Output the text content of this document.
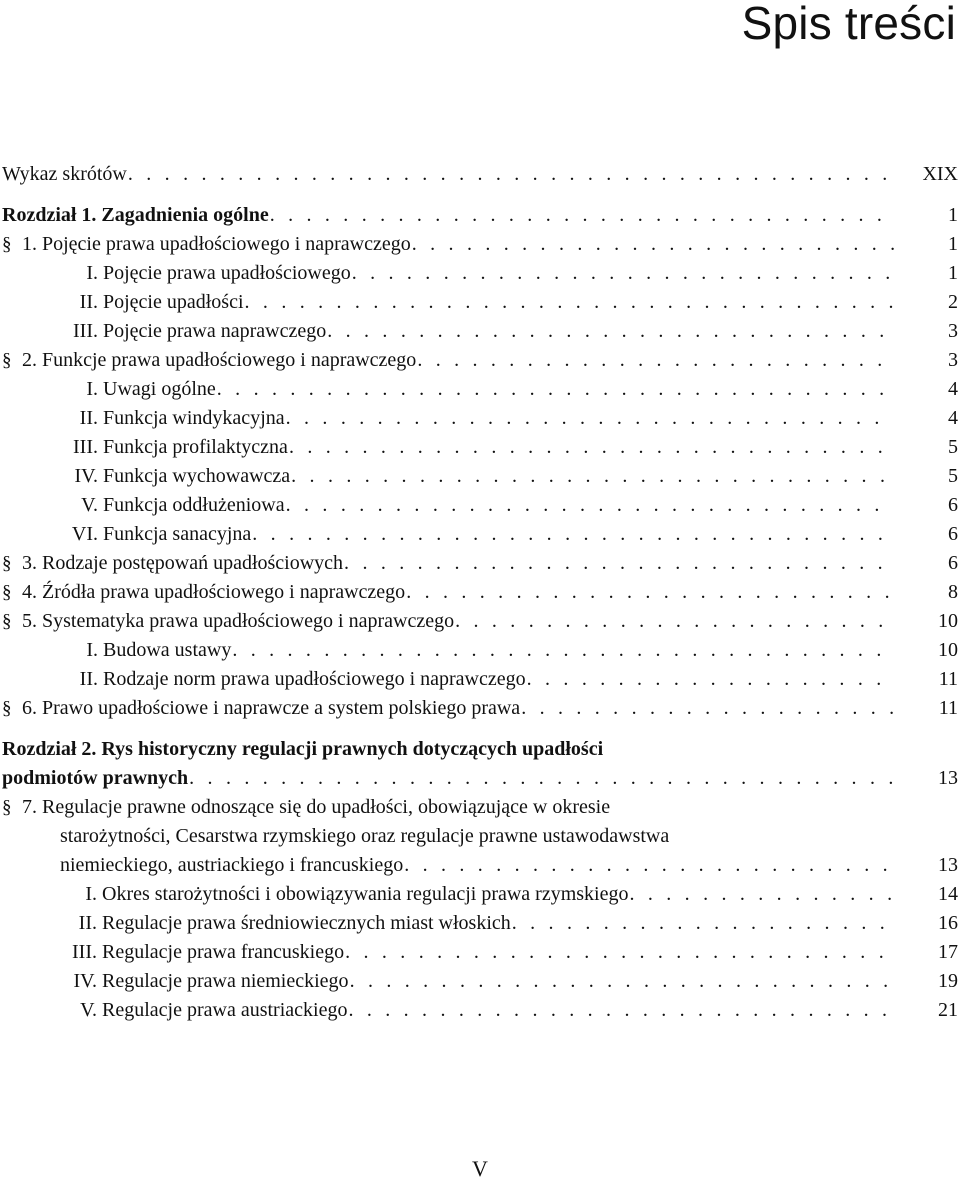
Spis treści
Wykaz skrótów . . .	XIX
Rozdział 1. Zagadnienia ogólne . . .	1
§ 1. Pojęcie prawa upadłościowego i naprawczego . . .	1
I. Pojęcie prawa upadłościowego . . .	1
II. Pojęcie upadłości . . .	2
III. Pojęcie prawa naprawczego . . .	3
§ 2. Funkcje prawa upadłościowego i naprawczego . . .	3
I. Uwagi ogólne . . .	4
II. Funkcja windykacyjna . . .	4
III. Funkcja profilaktyczna . . .	5
IV. Funkcja wychowawcza . . .	5
V. Funkcja oddłużeniowa . . .	6
VI. Funkcja sanacyjna . . .	6
§ 3. Rodzaje postępowań upadłościowych . . .	6
§ 4. Źródła prawa upadłościowego i naprawczego . . .	8
§ 5. Systematyka prawa upadłościowego i naprawczego . . .	10
I. Budowa ustawy . . .	10
II. Rodzaje norm prawa upadłościowego i naprawczego . . .	11
§ 6. Prawo upadłościowe i naprawcze a system polskiego prawa . . .	11
Rozdział 2. Rys historyczny regulacji prawnych dotyczących upadłości
podmiotów prawnych . . .	13
§ 7. Regulacje prawne odnoszące się do upadłości, obowiązujące w okresie
starożytności, Cesarstwa rzymskiego oraz regulacje prawne ustawodawstwa
niemieckiego, austriackiego i francuskiego . . .	13
I. Okres starożytności i obowiązywania regulacji prawa rzymskiego . . .	14
II. Regulacje prawa średniowiecznych miast włoskich . . .	16
III. Regulacje prawa francuskiego . . .	17
IV. Regulacje prawa niemieckiego . . .	19
V. Regulacje prawa austriackiego . . .	21
V
